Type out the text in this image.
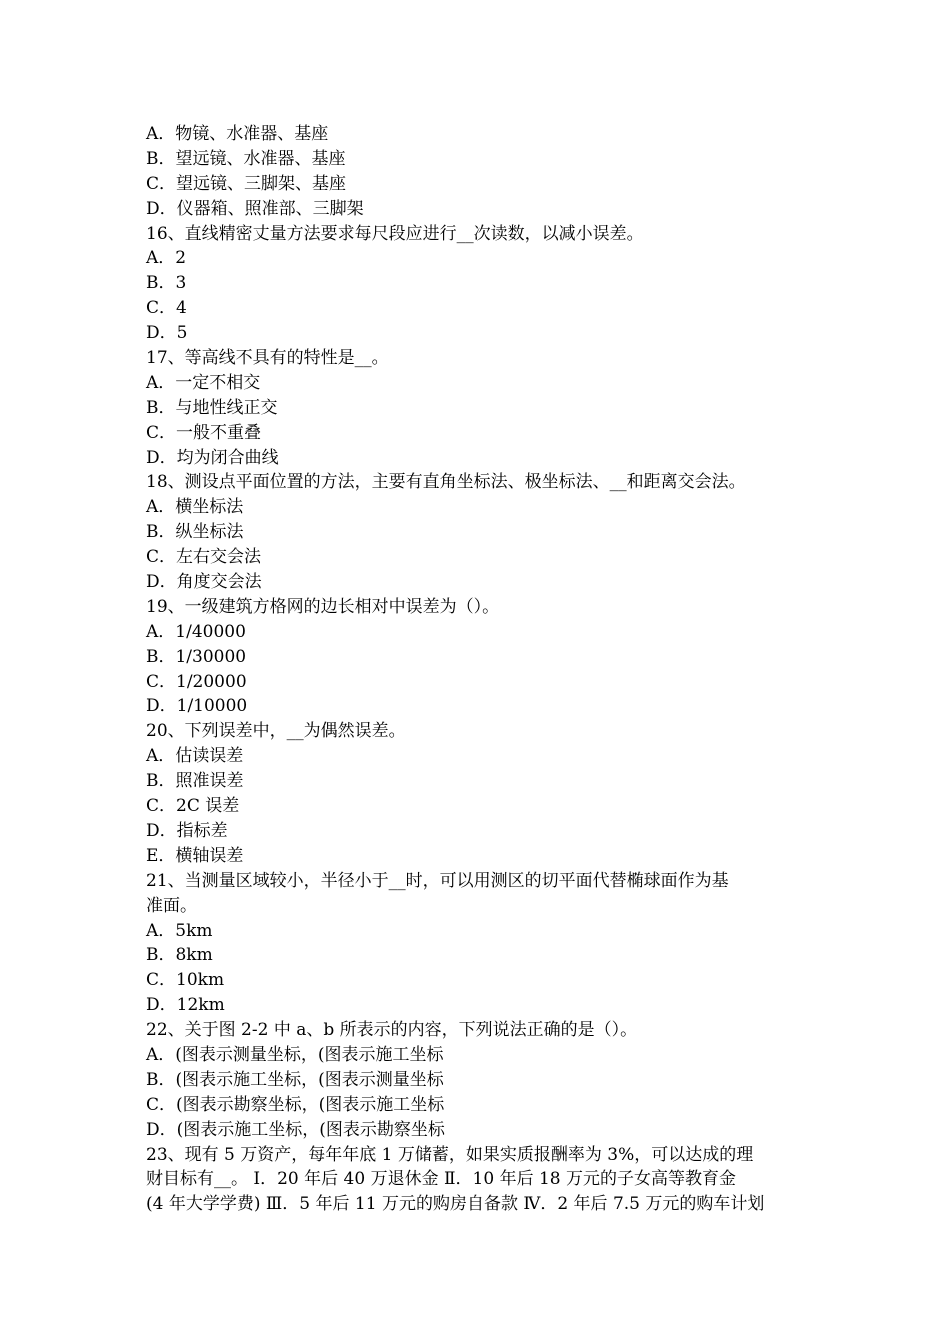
A．物镜、水准器、基座
B．望远镜、水准器、基座
C．望远镜、三脚架、基座
D．仪器箱、照准部、三脚架
16、直线精密丈量方法要求每尺段应进行__次读数，以减小误差。
A．2
B．3
C．4
D．5
17、等高线不具有的特性是__。
A．一定不相交
B．与地性线正交
C．一般不重叠
D．均为闭合曲线
18、测设点平面位置的方法，主要有直角坐标法、极坐标法、__和距离交会法。
A．横坐标法
B．纵坐标法
C．左右交会法
D．角度交会法
19、一级建筑方格网的边长相对中误差为（）。
A．1/40000
B．1/30000
C．1/20000
D．1/10000
20、下列误差中，__为偶然误差。
A．估读误差
B．照准误差
C．2C 误差
D．指标差
E．横轴误差
21、当测量区域较小，半径小于__时，可以用测区的切平面代替椭球面作为基
准面。
A．5km
B．8km
C．10km
D．12km
22、关于图 2-2 中 a、b 所表示的内容，下列说法正确的是（）。
A．(图表示测量坐标，(图表示施工坐标
B．(图表示施工坐标，(图表示测量坐标
C．(图表示勘察坐标，(图表示施工坐标
D．(图表示施工坐标，(图表示勘察坐标
23、现有 5 万资产，每年年底 1 万储蓄，如果实质报酬率为 3%，可以达成的理
财目标有__。 Ⅰ．20 年后 40 万退休金 Ⅱ．10 年后 18 万元的子女高等教育金
(4 年大学学费) Ⅲ．5 年后 11 万元的购房自备款 Ⅳ．2 年后 7.5 万元的购车计划
